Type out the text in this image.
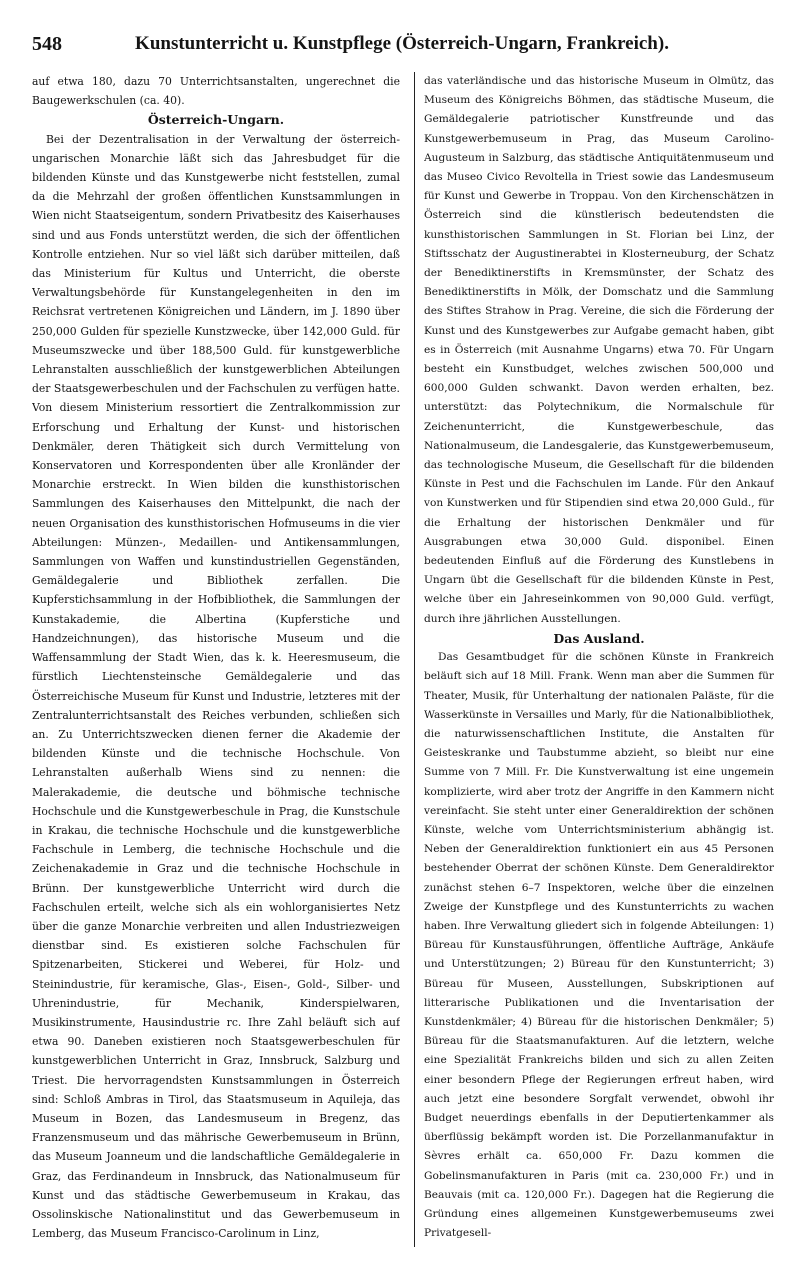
548	Kunstunterricht u. Kunstpflege (Österreich-Ungarn, Frankreich).

auf etwa 180, dazu 70 Unterrichtsanstalten, ungerechnet die Baugewerkschulen (ca. 40).

Österreich-Ungarn.

Bei der Dezentralisation in der Verwaltung der österreich-ungarischen Monarchie läßt sich das Jahresbudget für die bildenden Künste und das Kunstgewerbe nicht feststellen, zumal da die Mehrzahl der großen öffentlichen Kunstsammlungen in Wien nicht Staatseigentum, sondern Privatbesitz des Kaiserhauses sind und aus Fonds unterstützt werden, die sich der öffentlichen Kontrolle entziehen. Nur so viel läßt sich darüber mitteilen, daß das Ministerium für Kultus und Unterricht, die oberste Verwaltungsbehörde für Kunstangelegenheiten in den im Reichsrat vertretenen Königreichen und Ländern, im J. 1890 über 250,000 Gulden für spezielle Kunstzwecke, über 142,000 Guld. für Museumszwecke und über 188,500 Guld. für kunstgewerbliche Lehranstalten ausschließlich der kunstgewerblichen Abteilungen der Staatsgewerbeschulen und der Fachschulen zu verfügen hatte. Von diesem Ministerium ressortiert die Zentralkommission zur Erforschung und Erhaltung der Kunst- und historischen Denkmäler, deren Thätigkeit sich durch Vermittelung von Konservatoren und Korrespondenten über alle Kronländer der Monarchie erstreckt. In Wien bilden die kunsthistorischen Sammlungen des Kaiserhauses den Mittelpunkt, die nach der neuen Organisation des kunsthistorischen Hofmuseums in die vier Abteilungen: Münzen-, Medaillen- und Antikensammlungen, Sammlungen von Waffen und kunstindustriellen Gegenständen, Gemäldegalerie und Bibliothek zerfallen. Die Kupferstichsammlung in der Hofbibliothek, die Sammlungen der Kunstakademie, die Albertina (Kupferstiche und Handzeichnungen), das historische Museum und die Waffensammlung der Stadt Wien, das k. k. Heeresmuseum, die fürstlich Liechtensteinsche Gemäldegalerie und das Österreichische Museum für Kunst und Industrie, letzteres mit der Zentralunterrichtsanstalt des Reiches verbunden, schließen sich an. Zu Unterrichtszwecken dienen ferner die Akademie der bildenden Künste und die technische Hochschule. Von Lehranstalten außerhalb Wiens sind zu nennen: die Malerakademie, die deutsche und böhmische technische Hochschule und die Kunstgewerbeschule in Prag, die Kunstschule in Krakau, die technische Hochschule und die kunstgewerbliche Fachschule in Lemberg, die technische Hochschule und die Zeichenakademie in Graz und die technische Hochschule in Brünn. Der kunstgewerbliche Unterricht wird durch die Fachschulen erteilt, welche sich als ein wohlorganisiertes Netz über die ganze Monarchie verbreiten und allen Industriezweigen dienstbar sind. Es existieren solche Fachschulen für Spitzenarbeiten, Stickerei und Weberei, für Holz- und Steinindustrie, für keramische, Glas-, Eisen-, Gold-, Silber- und Uhrenindustrie, für Mechanik, Kinderspielwaren, Musikinstrumente, Hausindustrie rc. Ihre Zahl beläuft sich auf etwa 90. Daneben existieren noch Staatsgewerbeschulen für kunstgewerblichen Unterricht in Graz, Innsbruck, Salzburg und Triest. Die hervorragendsten Kunstsammlungen in Österreich sind: Schloß Ambras in Tirol, das Staatsmuseum in Aquileja, das Museum in Bozen, das Landesmuseum in Bregenz, das Franzensmuseum und das mährische Gewerbemuseum in Brünn, das Museum Joanneum und die landschaftliche Gemäldegalerie in Graz, das Ferdinandeum in Innsbruck, das Nationalmuseum für Kunst und das städtische Gewerbemuseum in Krakau, das Ossolinskische Nationalinstitut und das Gewerbemuseum in Lemberg, das Museum Francisco-Carolinum in Linz,

das vaterländische und das historische Museum in Olmütz, das Museum des Königreichs Böhmen, das städtische Museum, die Gemäldegalerie patriotischer Kunstfreunde und das Kunstgewerbemuseum in Prag, das Museum Carolino-Augusteum in Salzburg, das städtische Antiquitätenmuseum und das Museo Civico Revoltella in Triest sowie das Landesmuseum für Kunst und Gewerbe in Troppau. Von den Kirchenschätzen in Österreich sind die künstlerisch bedeutendsten die kunsthistorischen Sammlungen in St. Florian bei Linz, der Stiftsschatz der Augustinerabtei in Klosterneuburg, der Schatz der Benediktinerstifts in Kremsmünster, der Schatz des Benediktinerstifts in Mölk, der Domschatz und die Sammlung des Stiftes Strahow in Prag. Vereine, die sich die Förderung der Kunst und des Kunstgewerbes zur Aufgabe gemacht haben, gibt es in Österreich (mit Ausnahme Ungarns) etwa 70. Für Ungarn besteht ein Kunstbudget, welches zwischen 500,000 und 600,000 Gulden schwankt. Davon werden erhalten, bez. unterstützt: das Polytechnikum, die Normalschule für Zeichenunterricht, die Kunstgewerbeschule, das Nationalmuseum, die Landesgalerie, das Kunstgewerbemuseum, das technologische Museum, die Gesellschaft für die bildenden Künste in Pest und die Fachschulen im Lande. Für den Ankauf von Kunstwerken und für Stipendien sind etwa 20,000 Guld., für die Erhaltung der historischen Denkmäler und für Ausgrabungen etwa 30,000 Guld. disponibel. Einen bedeutenden Einfluß auf die Förderung des Kunstlebens in Ungarn übt die Gesellschaft für die bildenden Künste in Pest, welche über ein Jahreseinkommen von 90,000 Guld. verfügt, durch ihre jährlichen Ausstellungen.

Das Ausland.

Das Gesamtbudget für die schönen Künste in Frankreich beläuft sich auf 18 Mill. Frank. Wenn man aber die Summen für Theater, Musik, für Unterhaltung der nationalen Paläste, für die Wasserkünste in Versailles und Marly, für die Nationalbibliothek, die naturwissenschaftlichen Institute, die Anstalten für Geisteskranke und Taubstumme abzieht, so bleibt nur eine Summe von 7 Mill. Fr. Die Kunstverwaltung ist eine ungemein komplizierte, wird aber trotz der Angriffe in den Kammern nicht vereinfacht. Sie steht unter einer Generaldirektion der schönen Künste, welche vom Unterrichtsministerium abhängig ist. Neben der Generaldirektion funktioniert ein aus 45 Personen bestehender Oberrat der schönen Künste. Dem Generaldirektor zunächst stehen 6–7 Inspektoren, welche über die einzelnen Zweige der Kunstpflege und des Kunstunterrichts zu wachen haben. Ihre Verwaltung gliedert sich in folgende Abteilungen: 1) Büreau für Kunstausführungen, öffentliche Aufträge, Ankäufe und Unterstützungen; 2) Büreau für den Kunstunterricht; 3) Büreau für Museen, Ausstellungen, Subskriptionen auf litterarische Publikationen und die Inventarisation der Kunstdenkmäler; 4) Büreau für die historischen Denkmäler; 5) Büreau für die Staatsmanufakturen. Auf die letztern, welche eine Spezialität Frankreichs bilden und sich zu allen Zeiten einer besondern Pflege der Regierungen erfreut haben, wird auch jetzt eine besondere Sorgfalt verwendet, obwohl ihr Budget neuerdings ebenfalls in der Deputiertenkammer als überflüssig bekämpft worden ist. Die Porzellanmanufaktur in Sèvres erhält ca. 650,000 Fr. Dazu kommen die Gobelinsmanufakturen in Paris (mit ca. 230,000 Fr.) und in Beauvais (mit ca. 120,000 Fr.). Dagegen hat die Regierung die Gründung eines allgemeinen Kunstgewerbemuseums zwei Privatgesell-
